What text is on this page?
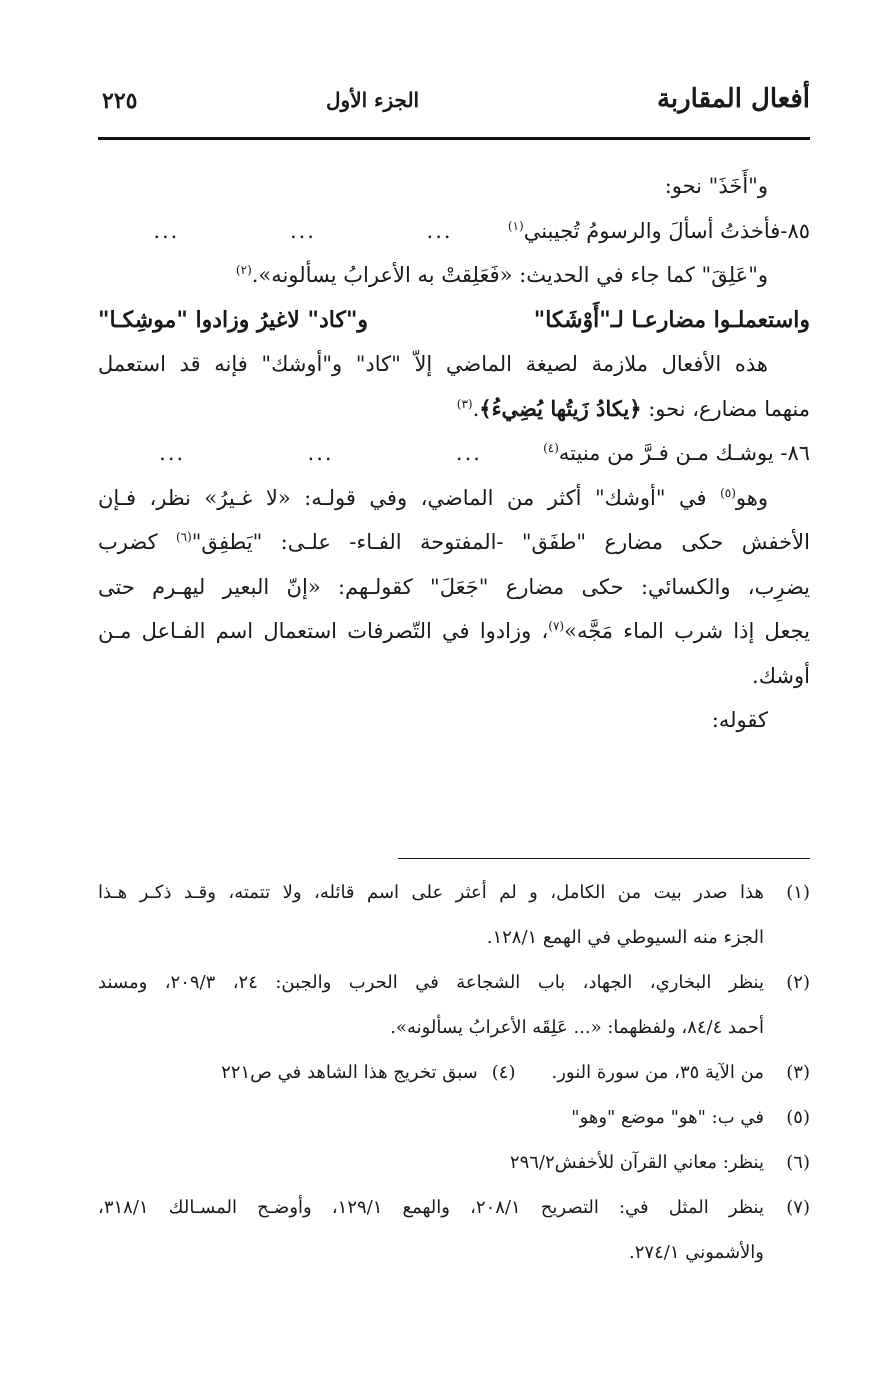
أفعال المقاربة
الجزء الأول
٢٢٥
و"أَخَذَ" نحو:
٨٥-فأخذتُ أسألَ والرسومُ تُجيبني$^{(١)}$
...
...
...
و"عَلِقَ" كما جاء في الحديث: «فَعَلِقتْ به الأعرابُ يسألونه».$^{(٢)}$
واستعملـوا مضارعـا لـ"أَوْشَكا"
و"كاد" لاغيرُ وزادوا "موشِكـا"
هذه الأفعال ملازمة لصيغة الماضي إلاّ "كاد" و"أوشك" فإنه قد استعمل
منهما مضارع، نحو: ﴿يكادُ زَيتُها يُضِيءُ﴾.$^{(٣)}$
٨٦- يوشـك مـن فـرَّ من منيته$^{(٤)}$
...
...
...
وهو$^{(٥)}$ في "أوشك" أكثر من الماضي، وفي قولـه: «لا غـيرُ» نظر، فـإن
الأخفش حكى مضارع "طفَق" -المفتوحة الفـاء- علـى: "يَطفِق"$^{(٦)}$ كضرب
يضرِب، والكسائي: حكى مضارع "جَعَلَ" كقولـهم: «إنّ البعير ليهـرم حتى
يجعل إذا شرب الماء مَجَّه»$^{(٧)}$، وزادوا في التّصرفات استعمال اسم الفـاعل مـن
أوشك.
كقوله:
(١)
هذا صدر بيت من الكامل، و لم أعثر على اسم قائله، ولا تتمته، وقـد ذكـر هـذا
الجزء منه السيوطي في الهمع ١٢٨/١.
(٢)
ينظر البخاري، الجهاد، باب الشجاعة في الحرب والجبن: ٢٤، ٢٠٩/٣، ومسند
أحمد ٨٤/٤، ولفظهما: «... عَلِقَه الأعرابُ يسألونه».
(٣)
من الآية ٣٥، من سورة النور.
(٤)
سبق تخريج هذا الشاهد في ص٢٢١
(٥)
في ب: "هو" موضع "وهو"
(٦)
ينظر: معاني القرآن للأخفش٢٩٦/٢
(٧)
ينظر المثل في: التصريح ٢٠٨/١، والهمع ١٢٩/١، وأوضـح المسـالك ٣١٨/١،
والأشموني ٢٧٤/١.
